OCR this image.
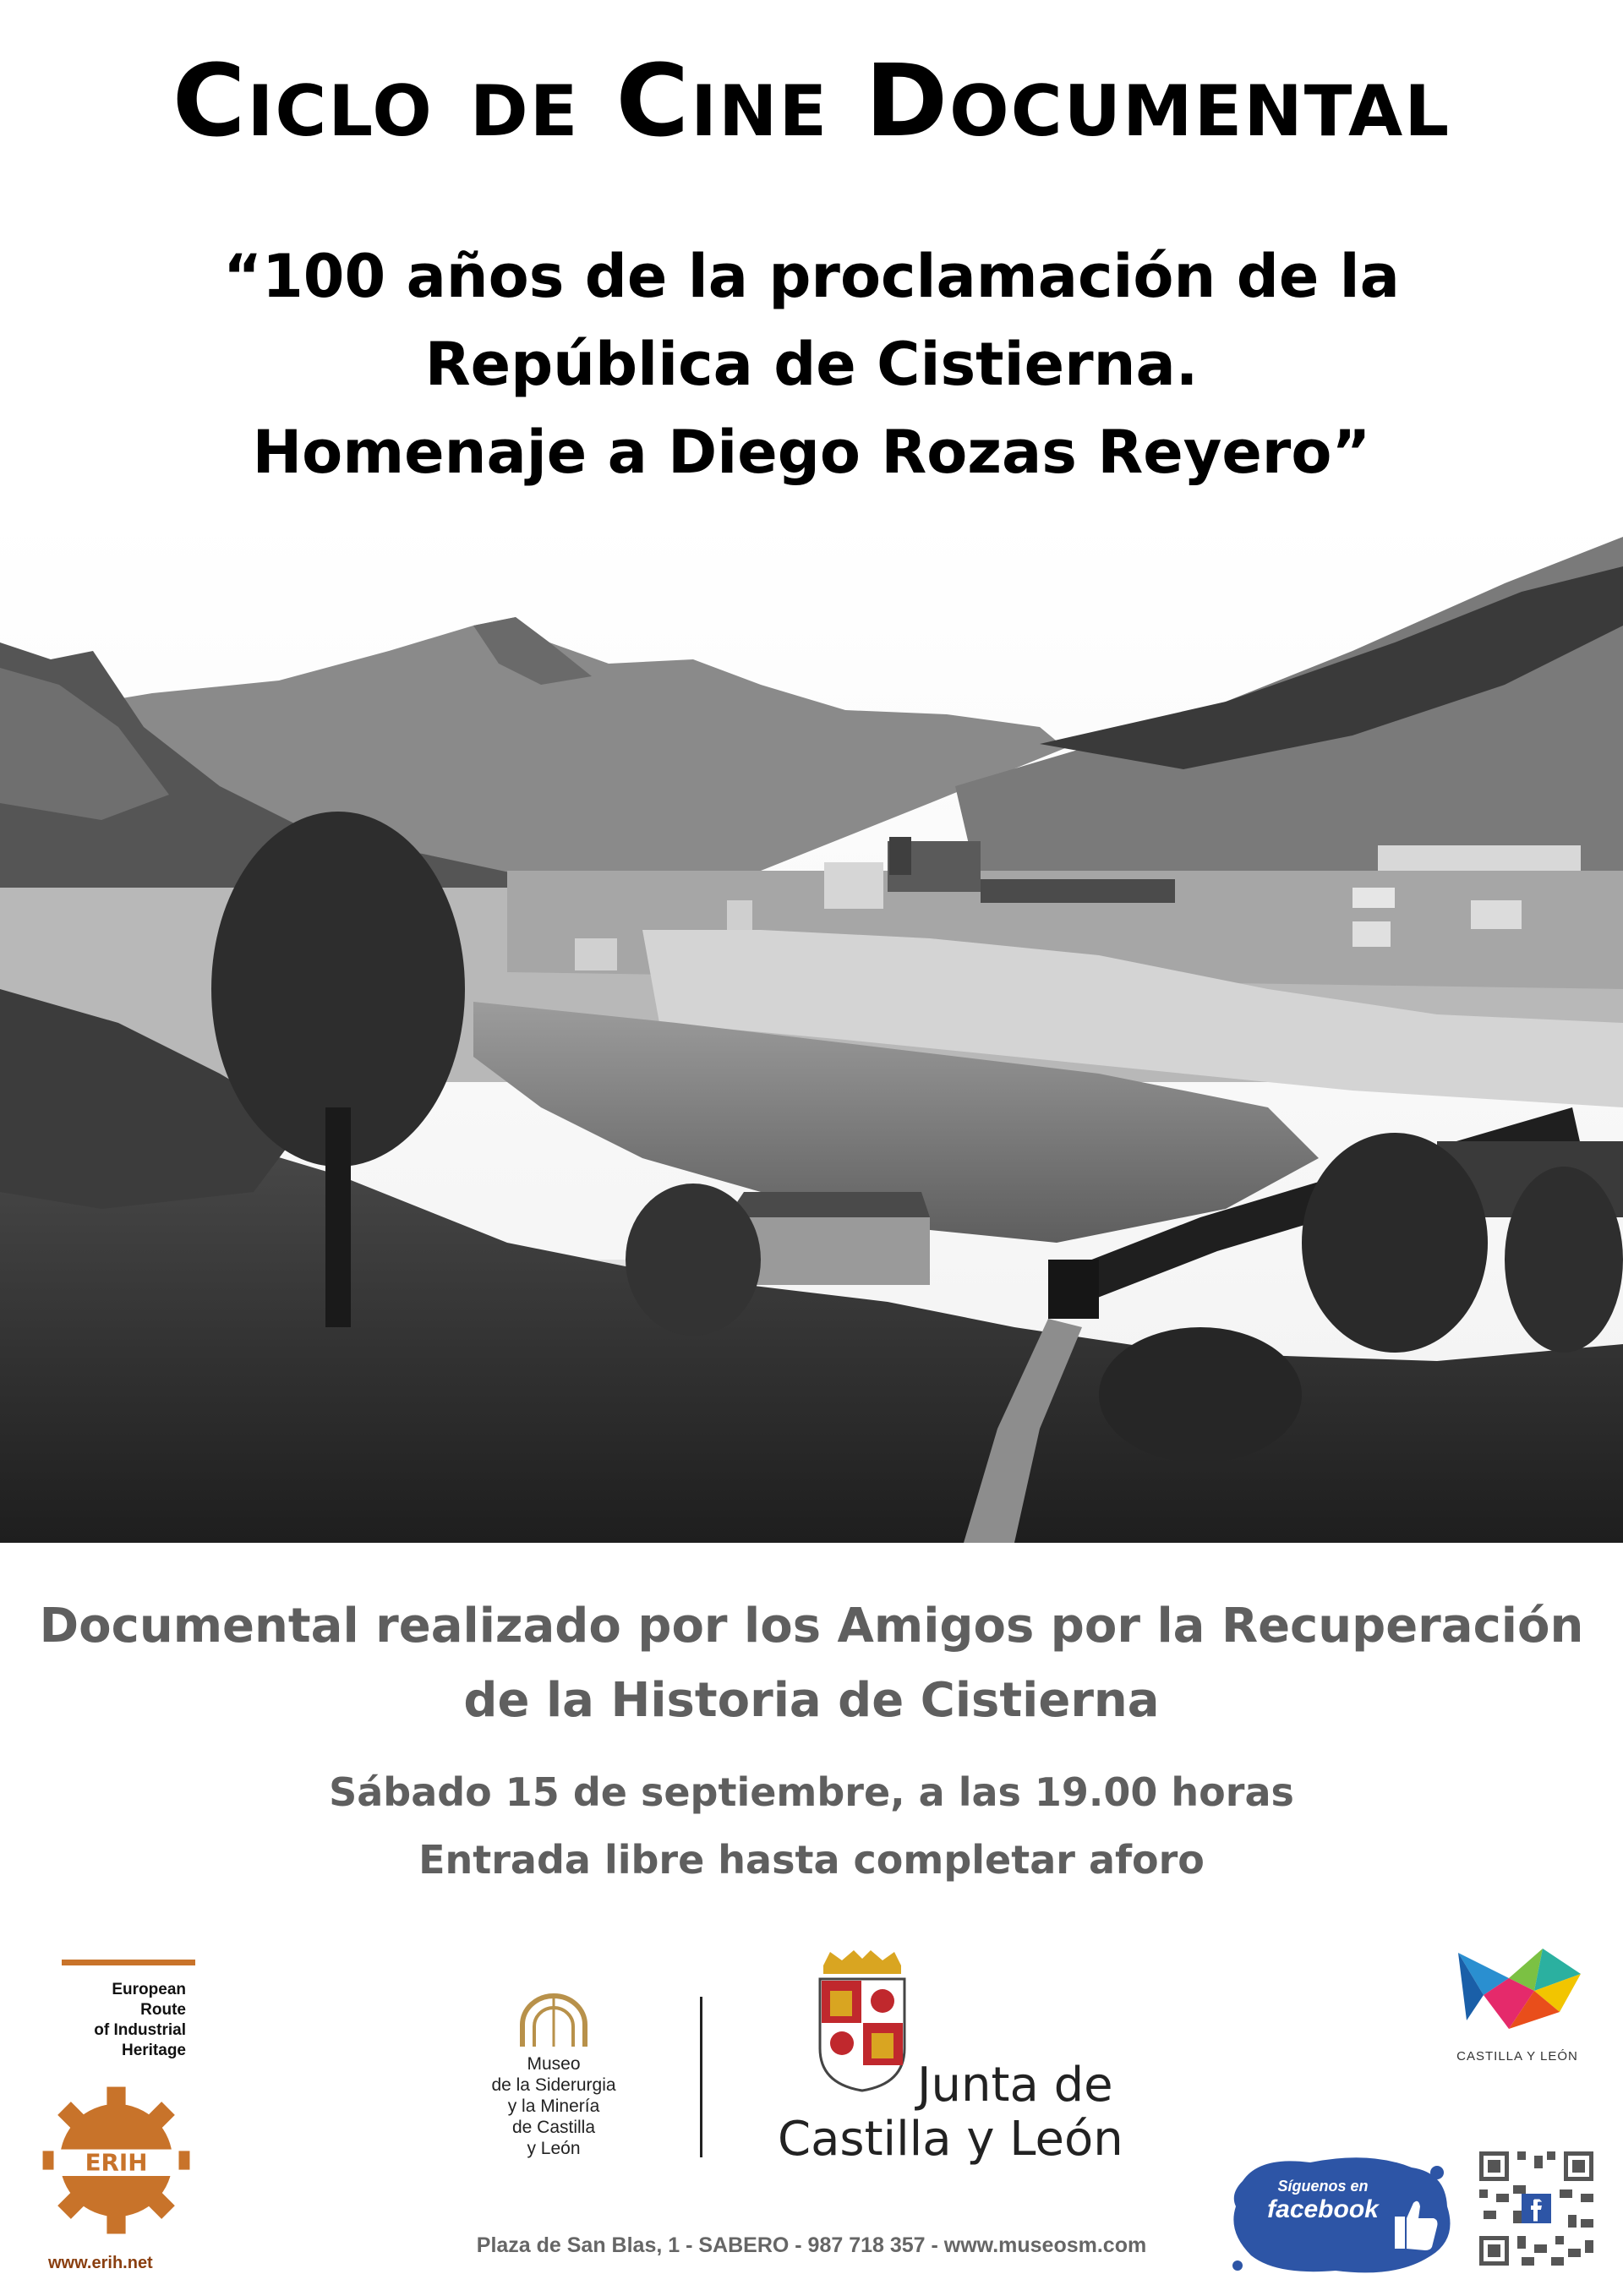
Ciclo de Cine Documental
“100 años de la proclamación de la
República de Cistierna.
Homenaje a Diego Rozas Reyero”
Documental realizado por los Amigos por la Recuperación
de la Historia de Cistierna
Sábado 15 de septiembre, a las 19.00 horas
Entrada libre hasta completar aforo
European
Route
of Industrial
Heritage
ERIH
www.erih.net
Museo
de la Siderurgia
y la Minería
de Castilla
y León
Junta de
Castilla y León
CASTILLA Y LEÓN
Síguenos en
facebook
Plaza de San Blas, 1 - SABERO - 987 718 357 - www.museosm.com
